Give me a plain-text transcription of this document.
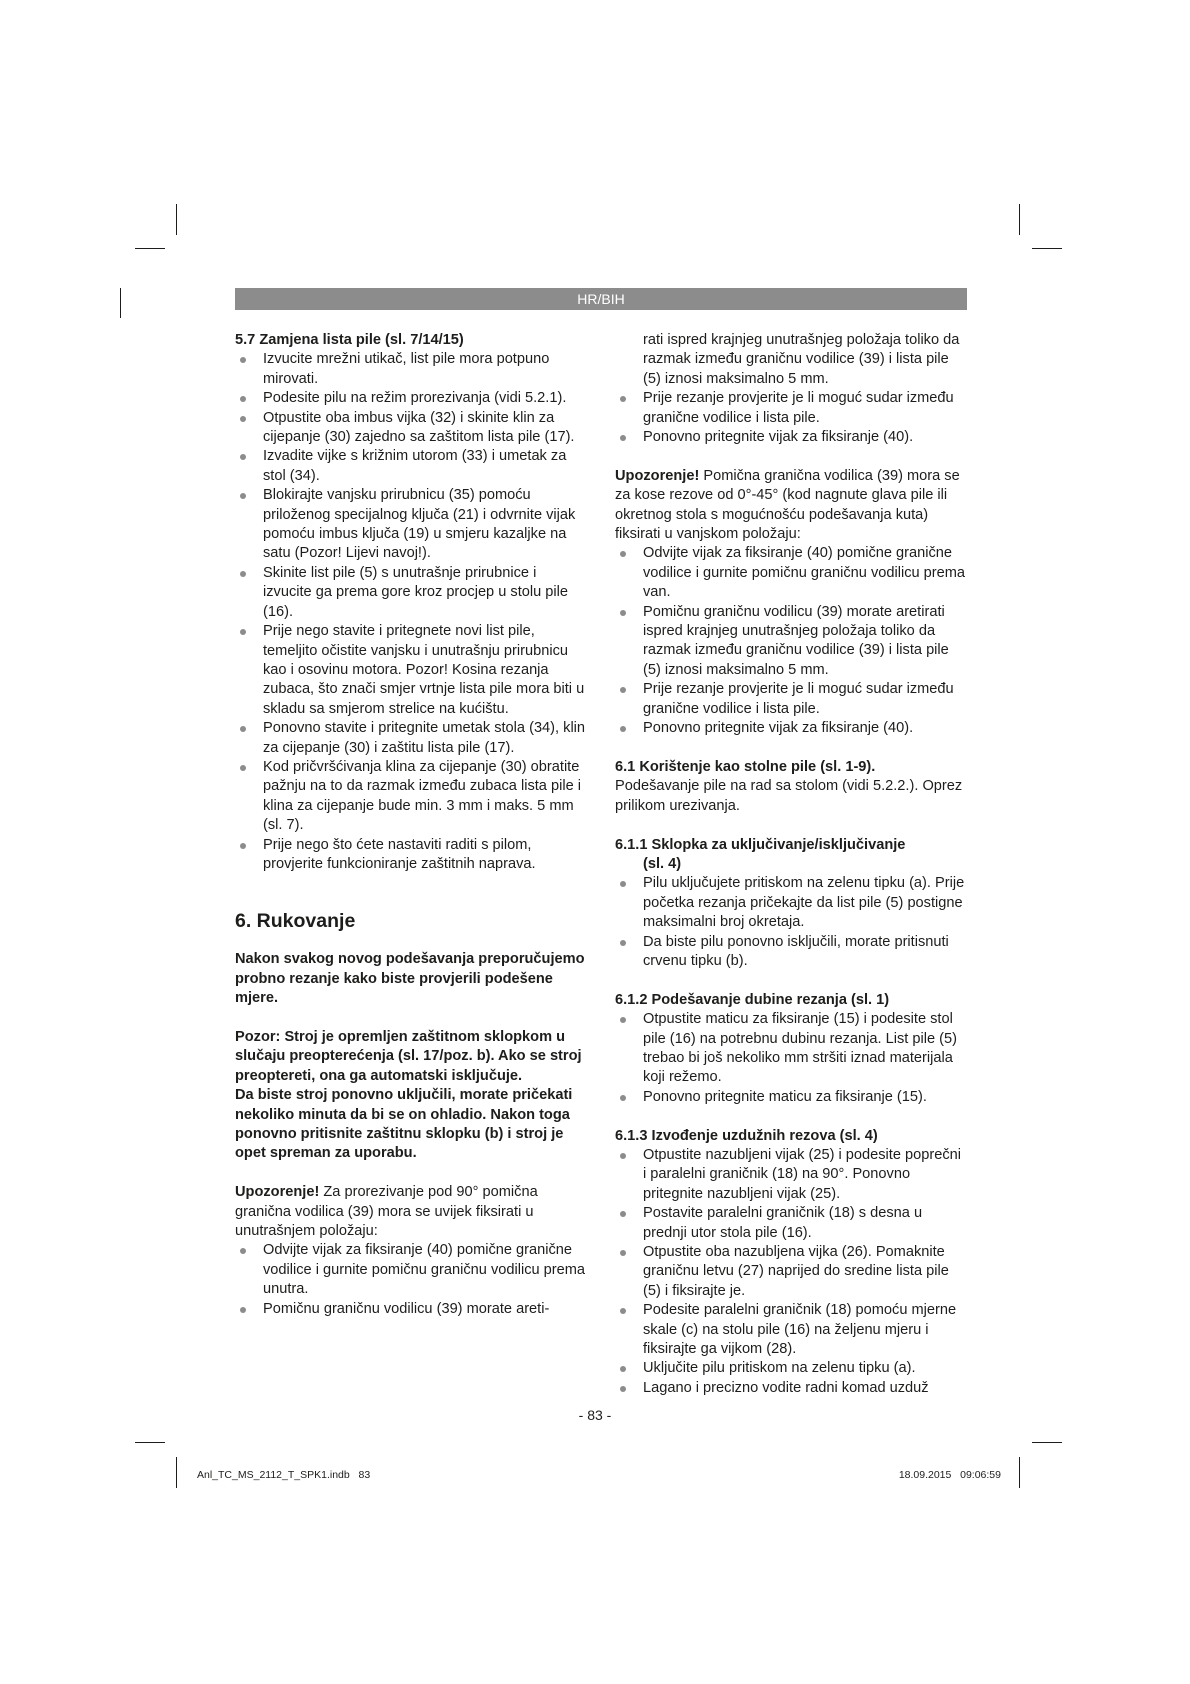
HR/BIH
5.7 Zamjena lista pile (sl. 7/14/15)
Izvucite mrežni utikač, list pile mora potpuno mirovati.
Podesite pilu na režim prorezivanja (vidi 5.2.1).
Otpustite oba imbus vijka (32) i skinite klin za cijepanje (30) zajedno sa zaštitom lista pile (17).
Izvadite vijke s križnim utorom (33) i umetak za stol (34).
Blokirajte vanjsku prirubnicu (35) pomoću priloženog specijalnog ključa (21) i odvrnite vijak pomoću imbus ključa (19) u smjeru kazaljke na satu (Pozor! Lijevi navoj!).
Skinite list pile (5) s unutrašnje prirubnice i izvucite ga prema gore kroz procjep u stolu pile (16).
Prije nego stavite i pritegnete novi list pile, temeljito očistite vanjsku i unutrašnju prirubnicu kao i osovinu motora. Pozor! Kosina rezanja zubaca, što znači smjer vrtnje lista pile mora biti u skladu sa smjerom strelice na kućištu.
Ponovno stavite i pritegnite umetak stola (34), klin za cijepanje (30) i zaštitu lista pile (17).
Kod pričvršćivanja klina za cijepanje (30) obratite pažnju na to da razmak između zubaca lista pile i klina za cijepanje bude min. 3 mm i maks. 5 mm (sl. 7).
Prije nego što ćete nastaviti raditi s pilom, provjerite funkcioniranje zaštitnih naprava.
6. Rukovanje

Nakon svakog novog podešavanja preporučujemo probno rezanje kako biste provjerili podešene mjere.

Pozor: Stroj je opremljen zaštitnom sklopkom u slučaju preopterećenja (sl. 17/poz. b). Ako se stroj preoptereti, ona ga automatski isključuje.

Da biste stroj ponovno uključili, morate pričekati nekoliko minuta da bi se on ohladio. Nakon toga ponovno pritisnite zaštitnu sklopku (b) i stroj je opet spreman za uporabu.

Upozorenje! Za prorezivanje pod 90° pomična granična vodilica (39) mora se uvijek fiksirati u unutrašnjem položaju:

Odvijte vijak za fiksiranje (40) pomične granične vodilice i gurnite pomičnu graničnu vodilicu prema unutra.
Pomičnu graničnu vodilicu (39) morate areti-

rati ispred krajnjeg unutrašnjeg položaja toliko da razmak između graničnu vodilice (39) i lista pile (5) iznosi maksimalno 5 mm.

Prije rezanje provjerite je li moguć sudar između granične vodilice i lista pile.
Ponovno pritegnite vijak za fiksiranje (40).

Upozorenje! Pomična granična vodilica (39) mora se za kose rezove od 0°-45° (kod nagnute glava pile ili okretnog stola s mogućnošću podešavanja kuta) fiksirati u vanjskom položaju:

Odvijte vijak za fiksiranje (40) pomične granične vodilice i gurnite pomičnu graničnu vodilicu prema van.
Pomičnu graničnu vodilicu (39) morate aretirati ispred krajnjeg unutrašnjeg položaja toliko da razmak između graničnu vodilice (39) i lista pile (5) iznosi maksimalno 5 mm.
Prije rezanje provjerite je li moguć sudar između granične vodilice i lista pile.
Ponovno pritegnite vijak za fiksiranje (40).
6.1 Korištenje kao stolne pile (sl. 1-9).

Podešavanje pile na rad sa stolom (vidi 5.2.2.). Oprez prilikom urezivanja.

6.1.1 Sklopka za uključivanje/isključivanje
(sl. 4)
Pilu uključujete pritiskom na zelenu tipku (a). Prije početka rezanja pričekajte da list pile (5) postigne maksimalni broj okretaja.
Da biste pilu ponovno isključili, morate pritisnuti crvenu tipku (b).
6.1.2 Podešavanje dubine rezanja (sl. 1)
Otpustite maticu za fiksiranje (15) i podesite stol pile (16) na potrebnu dubinu rezanja. List pile (5) trebao bi još nekoliko mm stršiti iznad materijala koji režemo.
Ponovno pritegnite maticu za fiksiranje (15).
6.1.3 Izvođenje uzdužnih rezova (sl. 4)
Otpustite nazubljeni vijak (25) i podesite poprečni i paralelni graničnik (18) na 90°. Ponovno pritegnite nazubljeni vijak (25).
Postavite paralelni graničnik (18) s desna u prednji utor stola pile (16).
Otpustite oba nazubljena vijka (26). Pomaknite graničnu letvu (27) naprijed do sredine lista pile (5) i fiksirajte je.
Podesite paralelni graničnik (18) pomoću mjerne skale (c) na stolu pile (16) na željenu mjeru i fiksirajte ga vijkom (28).
Uključite pilu pritiskom na zelenu tipku (a).
Lagano i precizno vodite radni komad uzduž
- 83 -
Anl_TC_MS_2112_T_SPK1.indb   83	18.09.2015   09:06:59
